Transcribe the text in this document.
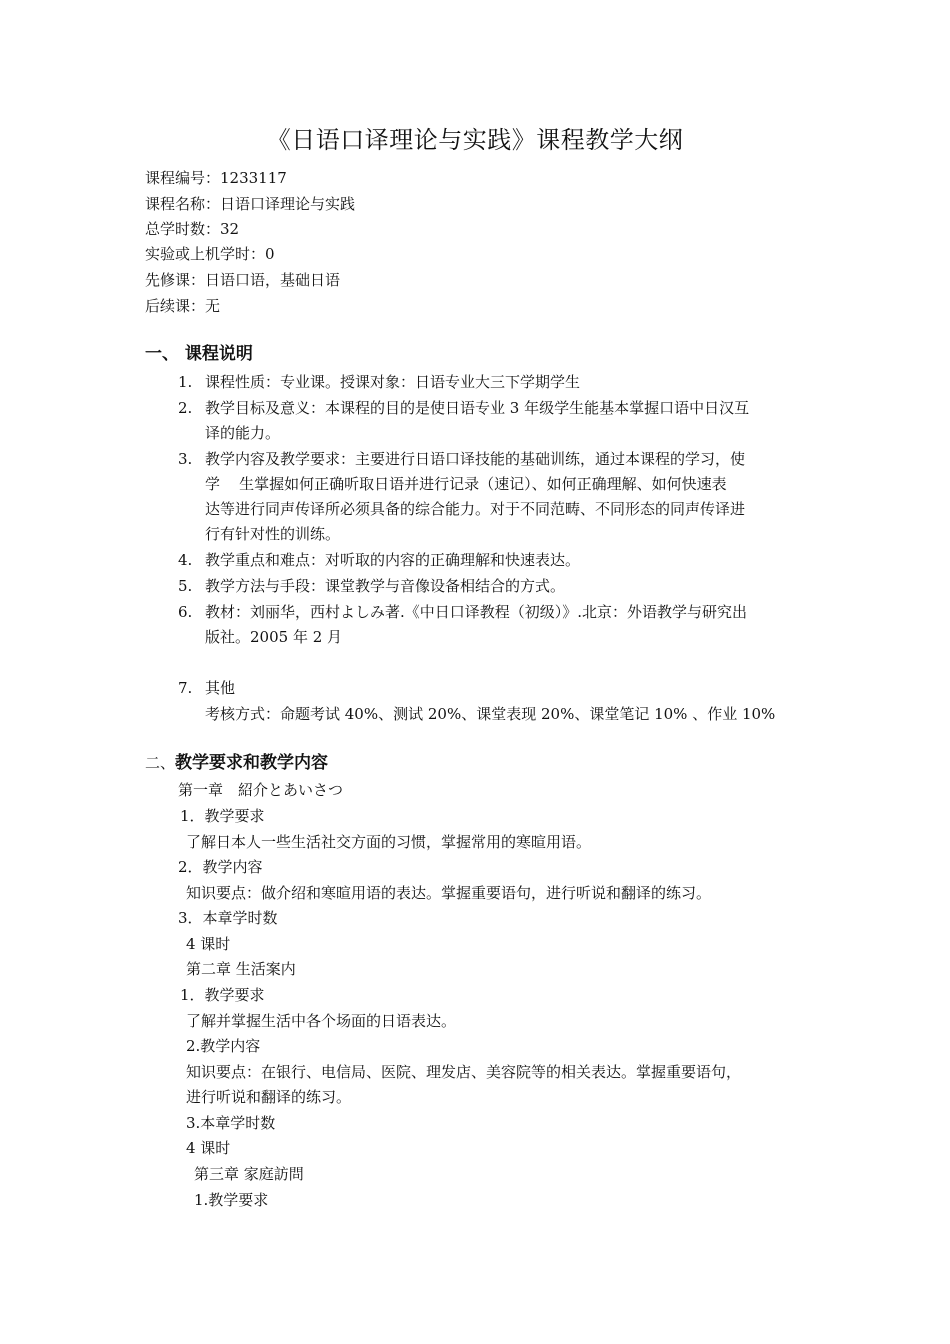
《日语口译理论与实践》课程教学大纲
课程编号：1233117
课程名称：日语口译理论与实践
总学时数：32
实验或上机学时：0
先修课：日语口语，基础日语
后续课：无
一、 课程说明
1. 课程性质：专业课。授课对象：日语专业大三下学期学生
2. 教学目标及意义：本课程的目的是使日语专业 3 年级学生能基本掌握口语中日汉互
译的能力。
3. 教学内容及教学要求：主要进行日语口译技能的基础训练，通过本课程的学习，使
学    生掌握如何正确听取日语并进行记录（速记）、如何正确理解、如何快速表
达等进行同声传译所必须具备的综合能力。对于不同范畴、不同形态的同声传译进
行有针对性的训练。
4. 教学重点和难点：对听取的内容的正确理解和快速表达。
5. 教学方法与手段：课堂教学与音像设备相结合的方式。
6. 教材：刘丽华，西村よしみ著.《中日口译教程（初级）》.北京：外语教学与研究出
版社。2005 年 2 月
7. 其他
考核方式：命题考试 40%、测试 20%、课堂表现 20%、课堂笔记 10% 、作业 10%
二、教学要求和教学内容
第一章　紹介とあいさつ
1．教学要求
了解日本人一些生活社交方面的习惯，掌握常用的寒暄用语。
2．教学内容
知识要点：做介绍和寒暄用语的表达。掌握重要语句，进行听说和翻译的练习。
3．本章学时数
4 课时
第二章 生活案内
1．教学要求
了解并掌握生活中各个场面的日语表达。
2.教学内容
知识要点：在银行、电信局、医院、理发店、美容院等的相关表达。掌握重要语句，
进行听说和翻译的练习。
3.本章学时数
4 课时
第三章 家庭訪問
1.教学要求
